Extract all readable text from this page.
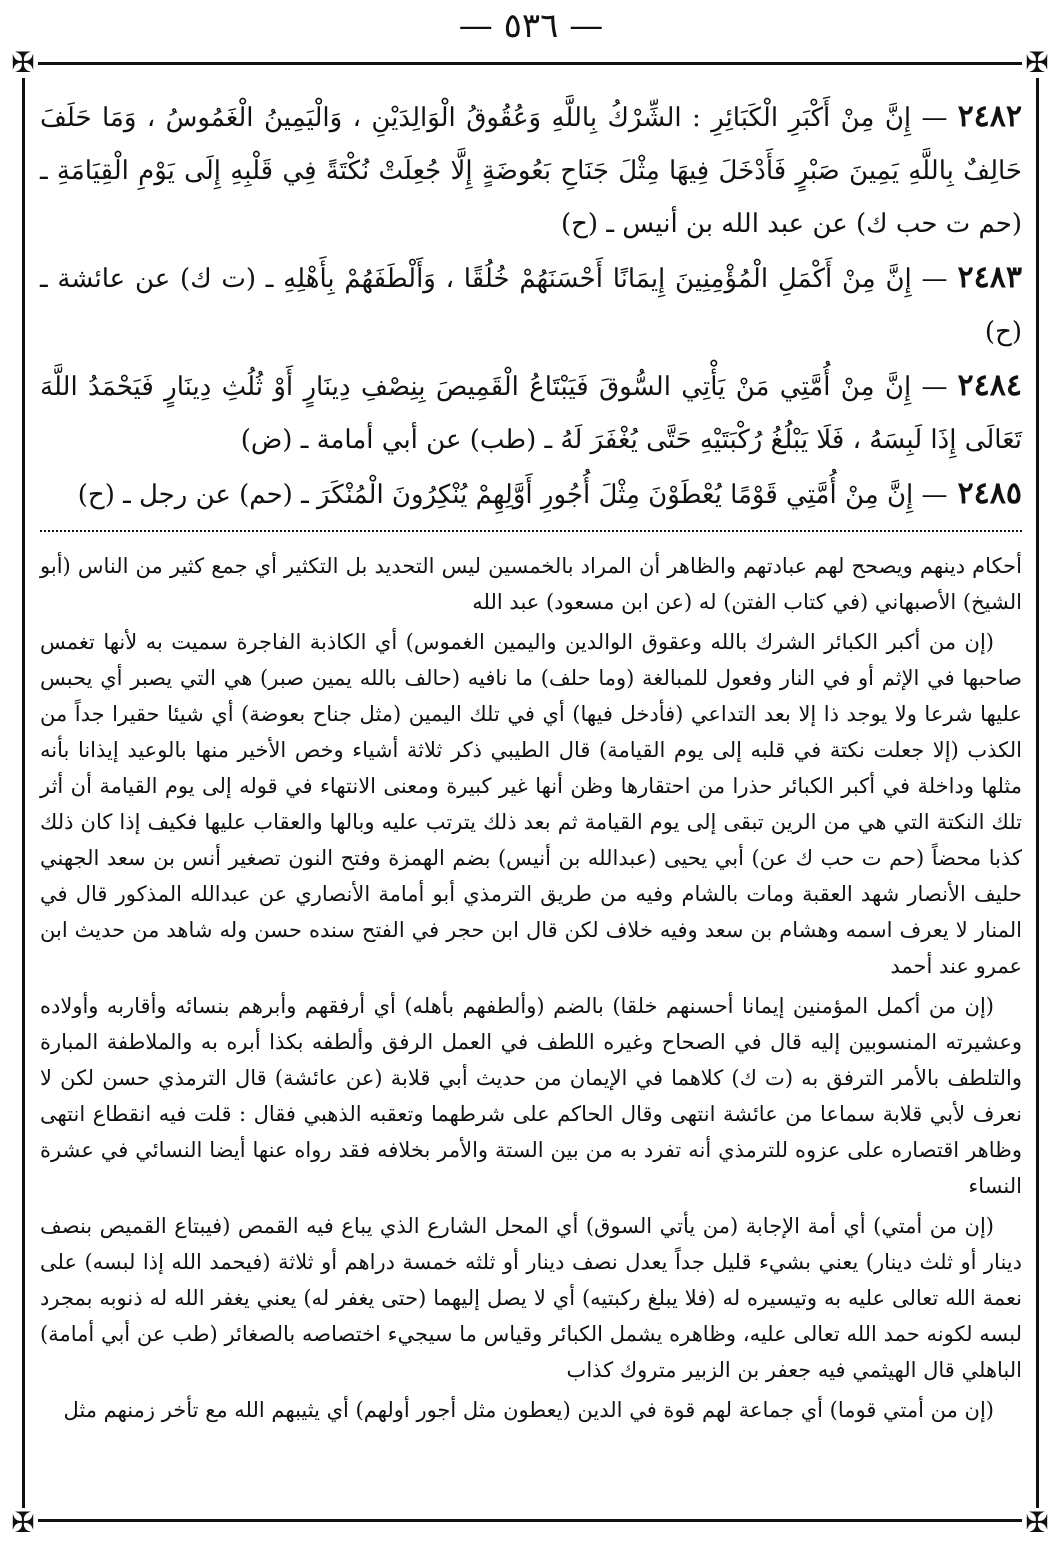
— ٥٣٦ —
✠	✠
✠	✠

٢٤٨٢— إِنَّ مِنْ أَكْبَرِ الْكَبَائِرِ : الشِّرْكُ بِاللَّهِ وَعُقُوقُ الْوَالِدَيْنِ ، وَالْيَمِينُ الْغَمُوسُ ، وَمَا حَلَفَ حَالِفٌ بِاللَّهِ يَمِينَ صَبْرٍ فَأَدْخَلَ فِيهَا مِثْلَ جَنَاحِ بَعُوضَةٍ إِلَّا جُعِلَتْ نُكْتَةً فِي قَلْبِهِ إِلَى يَوْمِ الْقِيَامَةِ ـ (حم ت حب ك) عن عبد الله بن أنيس ـ (ح)

٢٤٨٣— إِنَّ مِنْ أَكْمَلِ الْمُؤْمِنِينَ إِيمَانًا أَحْسَنَهُمْ خُلُقًا ، وَأَلْطَفَهُمْ بِأَهْلِهِ ـ (ت ك) عن عائشة ـ (ح)

٢٤٨٤— إِنَّ مِنْ أُمَّتِي مَنْ يَأْتِي السُّوقَ فَيَبْتَاعُ الْقَمِيصَ بِنِصْفِ دِينَارٍ أَوْ ثُلُثِ دِينَارٍ فَيَحْمَدُ اللَّهَ تَعَالَى إِذَا لَبِسَهُ ، فَلَا يَبْلُغُ رُكْبَتَيْهِ حَتَّى يُغْفَرَ لَهُ ـ (طب) عن أبي أمامة ـ (ض)

٢٤٨٥— إِنَّ مِنْ أُمَّتِي قَوْمًا يُعْطَوْنَ مِثْلَ أُجُورِ أَوَّلِهِمْ يُنْكِرُونَ الْمُنْكَرَ ـ (حم) عن رجل ـ (ح)

أحكام دينهم ويصحح لهم عبادتهم والظاهر أن المراد بالخمسين ليس التحديد بل التكثير أي جمع كثير من الناس (أبو الشيخ) الأصبهاني (في كتاب الفتن) له (عن ابن مسعود) عبد الله

(إن من أكبر الكبائر الشرك بالله وعقوق الوالدين واليمين الغموس) أي الكاذبة الفاجرة سميت به لأنها تغمس صاحبها في الإثم أو في النار وفعول للمبالغة (وما حلف) ما نافيه (حالف بالله يمين صبر) هي التي يصبر أي يحبس عليها شرعا ولا يوجد ذا إلا بعد التداعي (فأدخل فيها) أي في تلك اليمين (مثل جناح بعوضة) أي شيئا حقيرا جداً من الكذب (إلا جعلت نكتة في قلبه إلى يوم القيامة) قال الطيبي ذكر ثلاثة أشياء وخص الأخير منها بالوعيد إيذانا بأنه مثلها وداخلة في أكبر الكبائر حذرا من احتقارها وظن أنها غير كبيرة ومعنى الانتهاء في قوله إلى يوم القيامة أن أثر تلك النكتة التي هي من الرين تبقى إلى يوم القيامة ثم بعد ذلك يترتب عليه وبالها والعقاب عليها فكيف إذا كان ذلك كذبا محضاً (حم ت حب ك عن) أبي يحيى (عبدالله بن أنيس) بضم الهمزة وفتح النون تصغير أنس بن سعد الجهني حليف الأنصار شهد العقبة ومات بالشام وفيه من طريق الترمذي أبو أمامة الأنصاري عن عبدالله المذكور قال في المنار لا يعرف اسمه وهشام بن سعد وفيه خلاف لكن قال ابن حجر في الفتح سنده حسن وله شاهد من حديث ابن عمرو عند أحمد

(إن من أكمل المؤمنين إيمانا أحسنهم خلقا) بالضم (وألطفهم بأهله) أي أرفقهم وأبرهم بنسائه وأقاربه وأولاده وعشيرته المنسوبين إليه قال في الصحاح وغيره اللطف في العمل الرفق وألطفه بكذا أبره به والملاطفة المبارة والتلطف بالأمر الترفق به (ت ك) كلاهما في الإيمان من حديث أبي قلابة (عن عائشة) قال الترمذي حسن لكن لا نعرف لأبي قلابة سماعا من عائشة انتهى وقال الحاكم على شرطهما وتعقبه الذهبي فقال : قلت فيه انقطاع انتهى وظاهر اقتصاره على عزوه للترمذي أنه تفرد به من بين الستة والأمر بخلافه فقد رواه عنها أيضا النسائي في عشرة النساء

(إن من أمتي) أي أمة الإجابة (من يأتي السوق) أي المحل الشارع الذي يباع فيه القمص (فيبتاع القميص بنصف دينار أو ثلث دينار) يعني بشيء قليل جداً يعدل نصف دينار أو ثلثه خمسة دراهم أو ثلاثة (فيحمد الله إذا لبسه) على نعمة الله تعالى عليه به وتيسيره له (فلا يبلغ ركبتيه) أي لا يصل إليهما (حتى يغفر له) يعني يغفر الله له ذنوبه بمجرد لبسه لكونه حمد الله تعالى عليه، وظاهره يشمل الكبائر وقياس ما سيجيء اختصاصه بالصغائر (طب عن أبي أمامة) الباهلي قال الهيثمي فيه جعفر بن الزبير متروك كذاب

(إن من أمتي قوما) أي جماعة لهم قوة في الدين (يعطون مثل أجور أولهم) أي يثيبهم الله مع تأخر زمنهم مثل
